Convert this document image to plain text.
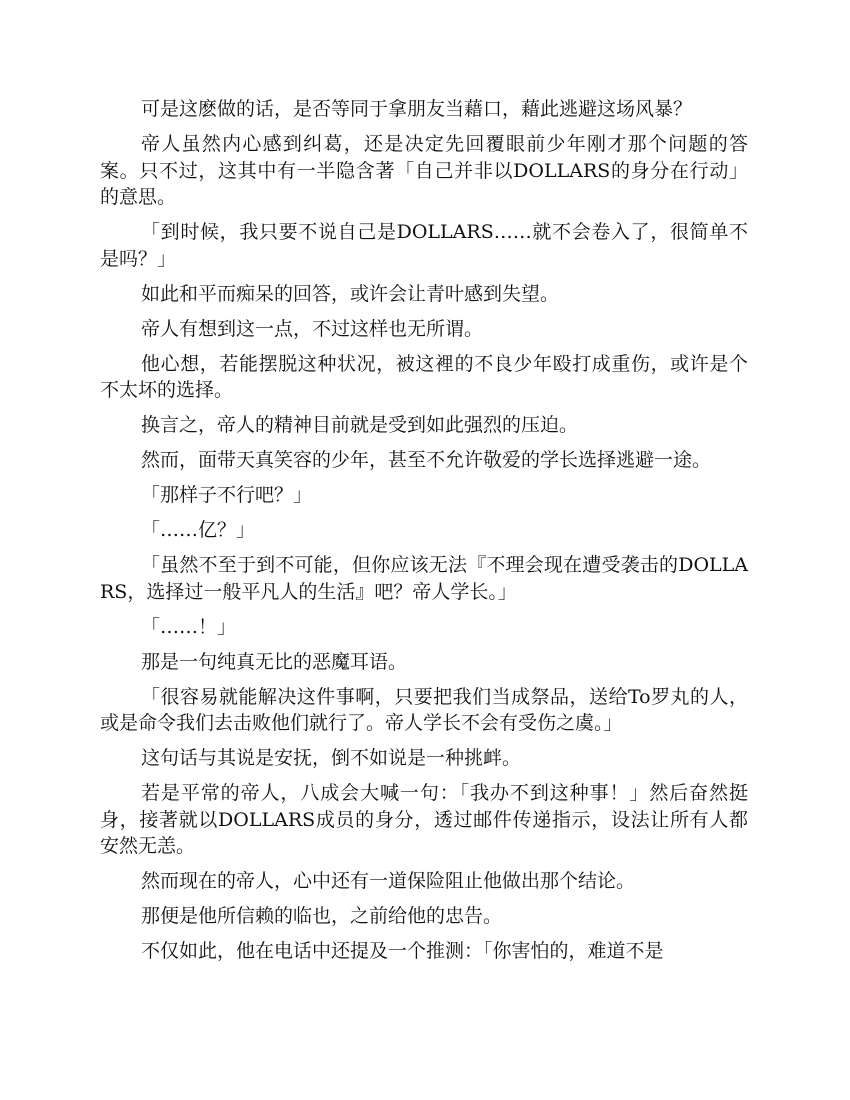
可是这麽做的话，是否等同于拿朋友当藉口，藉此逃避这场风暴？

帝人虽然内心感到纠葛，还是决定先回覆眼前少年刚才那个问题的答案。只不过，这其中有一半隐含著「自己并非以DOLLARS的身分在行动」的意思。

「到时候，我只要不说自己是DOLLARS……就不会卷入了，很简单不是吗？」

如此和平而痴呆的回答，或许会让青叶感到失望。

帝人有想到这一点，不过这样也无所谓。

他心想，若能摆脱这种状况，被这裡的不良少年殴打成重伤，或许是个不太坏的选择。

换言之，帝人的精神目前就是受到如此强烈的压迫。

然而，面带天真笑容的少年，甚至不允许敬爱的学长选择逃避一途。

「那样子不行吧？」

「……亿？」

「虽然不至于到不可能，但你应该无法『不理会现在遭受袭击的DOLLARS，选择过一般平凡人的生活』吧？帝人学长。」

「……！」

那是一句纯真无比的恶魔耳语。

「很容易就能解决这件事啊，只要把我们当成祭品，送给To罗丸的人，或是命令我们去击败他们就行了。帝人学长不会有受伤之虞。」

这句话与其说是安抚，倒不如说是一种挑衅。

若是平常的帝人，八成会大喊一句：「我办不到这种事！」然后奋然挺身，接著就以DOLLARS成员的身分，透过邮件传递指示，设法让所有人都安然无恙。

然而现在的帝人，心中还有一道保险阻止他做出那个结论。

那便是他所信赖的临也，之前给他的忠告。

不仅如此，他在电话中还提及一个推测：「你害怕的，难道不是
